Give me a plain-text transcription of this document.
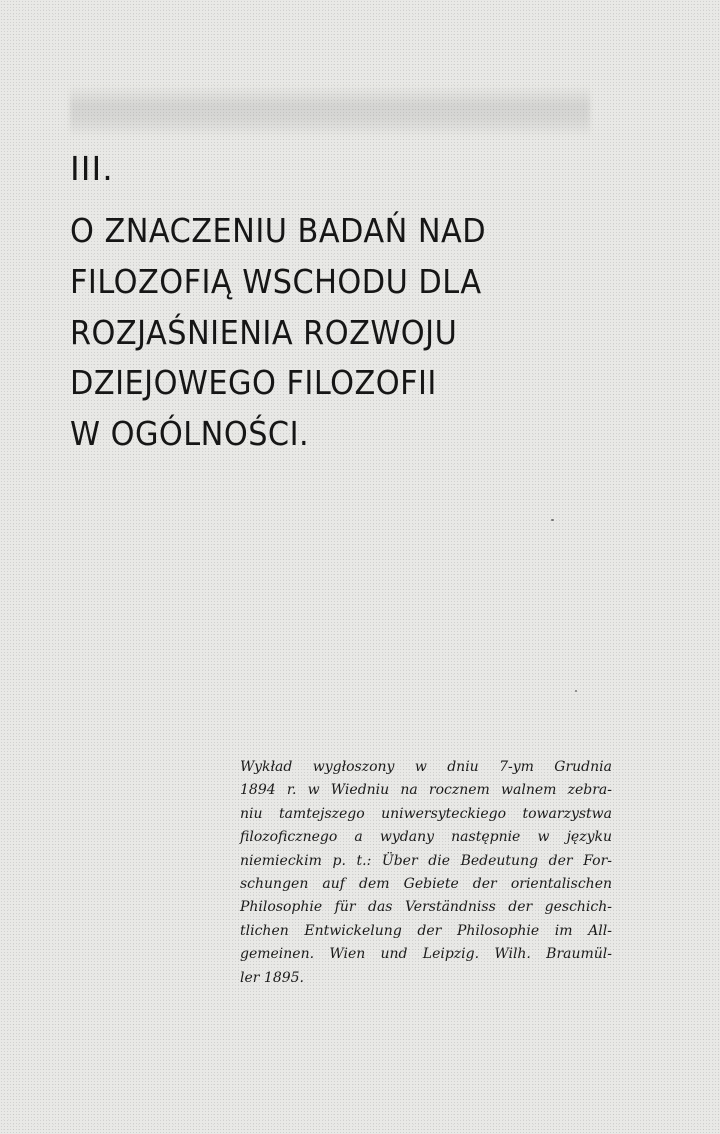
III.
O ZNACZENIU BADAŃ NAD
FILOZOFIĄ WSCHODU DLA
ROZJAŚNIENIA ROZWOJU
DZIEJOWEGO FILOZOFII
W OGÓLNOŚCI.

Wykład wygłoszony w dniu 7-ym Grudnia
1894 r. w Wiedniu na rocznem walnem zebra-
niu tamtejszego uniwersyteckiego towarzystwa
filozoficznego a wydany następnie w języku
niemieckim p. t.: Über die Bedeutung der For-
schungen auf dem Gebiete der orientalischen
Philosophie für das Verständniss der geschich-
tlichen Entwickelung der Philosophie im All-
gemeinen. Wien und Leipzig. Wilh. Braumül-
ler 1895.
